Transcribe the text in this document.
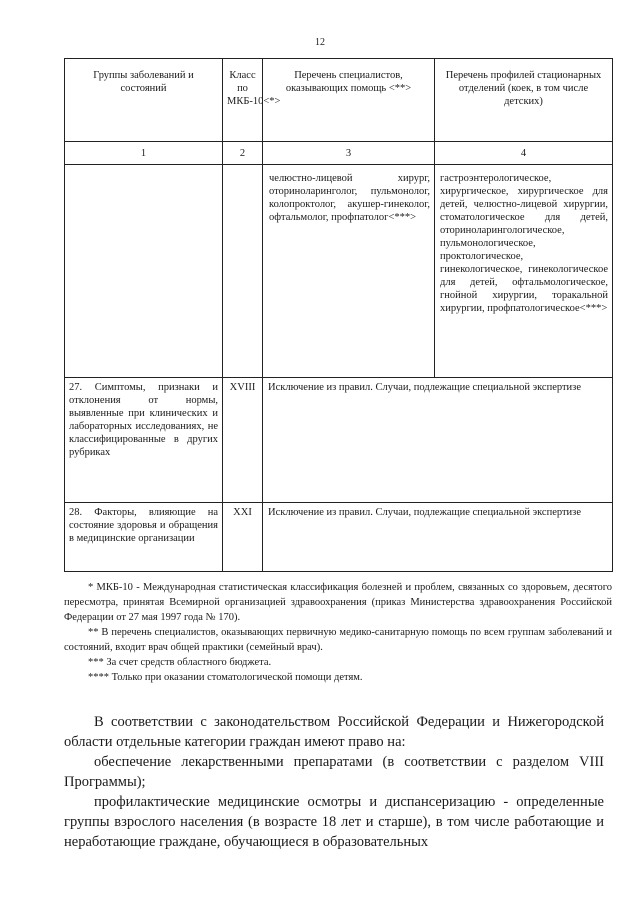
12
Группы заболеваний и состояний	Класс по МКБ-10<*>	Перечень специалистов, оказывающих помощь <**>	Перечень профилей стационарных отделений (коек, в том числе детских)
1	2	3	4
		челюстно-лицевой хирург, оториноларинголог, пульмонолог, колопроктолог, акушер-гинеколог, офтальмолог, профпатолог<***>	гастроэнтерологическое, хирургическое, хирургическое для детей, челюстно-лицевой хирургии, стоматологическое для детей, оториноларингологическое, пульмонологическое, проктологическое, гинекологическое, гинекологическое для детей, офтальмологическое, гнойной хирургии, торакальной хирургии, профпатологическое<***>
27. Симптомы, признаки и отклонения от нормы, выявленные при клинических и лабораторных исследованиях, не классифицированные в других рубриках	XVIII	Исключение из правил. Случаи, подлежащие специальной экспертизе	
28. Факторы, влияющие на состояние здоровья и обращения в медицинские организации	XXI	Исключение из правил. Случаи, подлежащие специальной экспертизе	

* МКБ-10 - Международная статистическая классификация болезней и проблем, связанных со здоровьем, десятого пересмотра, принятая Всемирной организацией здравоохранения (приказ Министерства здравоохранения Российской Федерации от 27 мая 1997 года № 170).

** В перечень специалистов, оказывающих первичную медико-санитарную помощь по всем группам заболеваний и состояний, входит врач общей практики (семейный врач).

*** За счет средств областного бюджета.

**** Только при оказании стоматологической помощи детям.

В соответствии с законодательством Российской Федерации и Нижегородской области отдельные категории граждан имеют право на:

обеспечение лекарственными препаратами (в соответствии с разделом VIII Программы);

профилактические медицинские осмотры и диспансеризацию - определенные группы взрослого населения (в возрасте 18 лет и старше), в том числе работающие и неработающие граждане, обучающиеся в образовательных
